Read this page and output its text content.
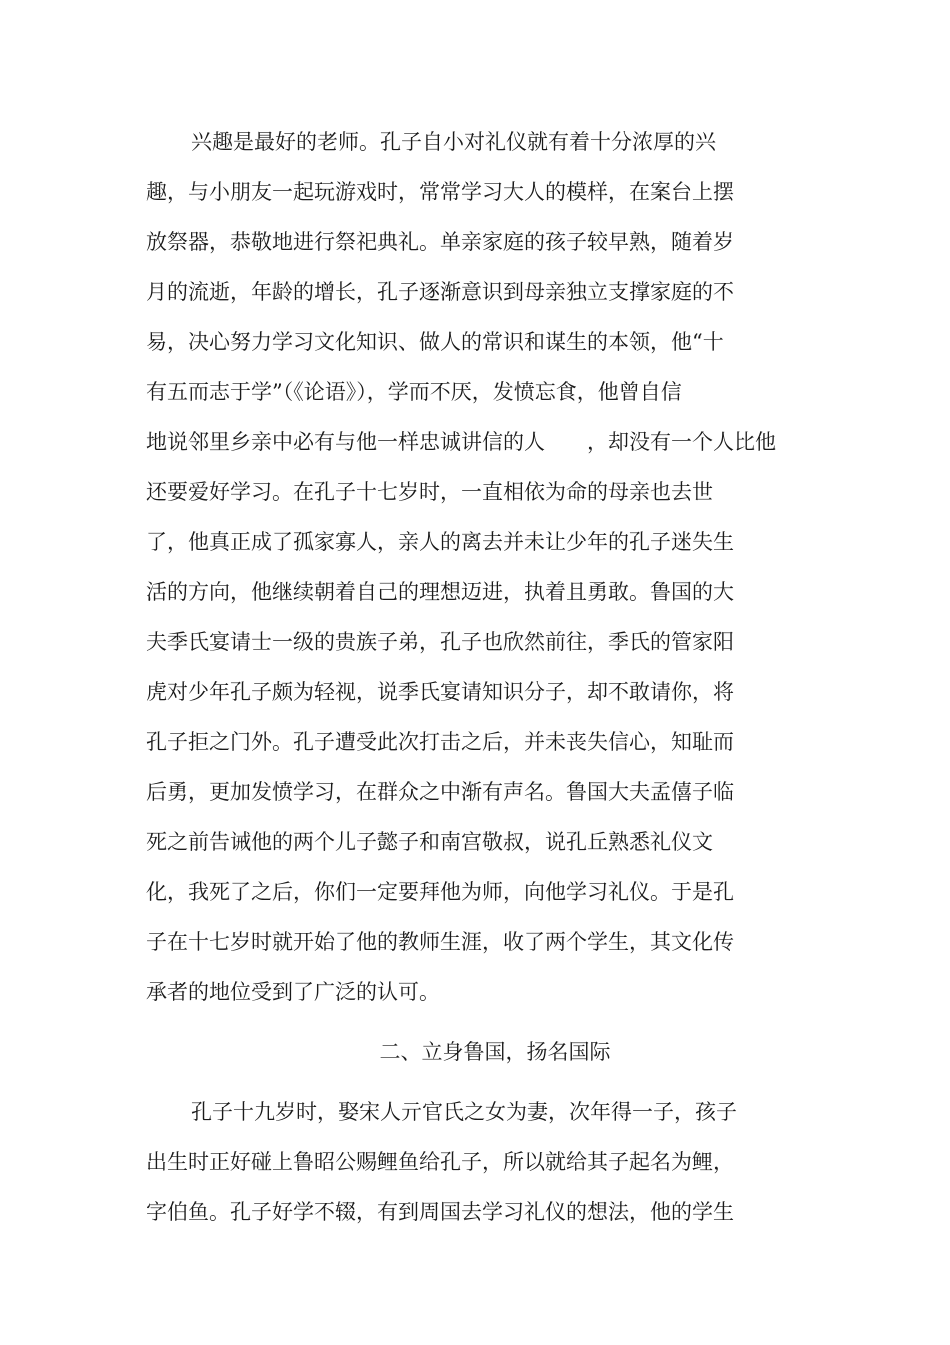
兴趣是最好的老师。孔子自小对礼仪就有着十分浓厚的兴
趣，与小朋友一起玩游戏时，常常学习大人的模样，在案台上摆
放祭器，恭敬地进行祭祀典礼。单亲家庭的孩子较早熟，随着岁
月的流逝，年龄的增长，孔子逐渐意识到母亲独立支撑家庭的不
易，决心努力学习文化知识、做人的常识和谋生的本领，他“十
有五而志于学”（《论语》），学而不厌，发愤忘食，他曾自信
地说邻里乡亲中必有与他一样忠诚讲信的人　　，却没有一个人比他
还要爱好学习。在孔子十七岁时，一直相依为命的母亲也去世
了，他真正成了孤家寡人，亲人的离去并未让少年的孔子迷失生
活的方向，他继续朝着自己的理想迈进，执着且勇敢。鲁国的大
夫季氏宴请士一级的贵族子弟，孔子也欣然前往，季氏的管家阳
虎对少年孔子颇为轻视，说季氏宴请知识分子，却不敢请你，将
孔子拒之门外。孔子遭受此次打击之后，并未丧失信心，知耻而
后勇，更加发愤学习，在群众之中渐有声名。鲁国大夫孟僖子临
死之前告诫他的两个儿子懿子和南宫敬叔，说孔丘熟悉礼仪文
化，我死了之后，你们一定要拜他为师，向他学习礼仪。于是孔
子在十七岁时就开始了他的教师生涯，收了两个学生，其文化传
承者的地位受到了广泛的认可。
二、立身鲁国，扬名国际
孔子十九岁时，娶宋人亓官氏之女为妻，次年得一子，孩子
出生时正好碰上鲁昭公赐鲤鱼给孔子，所以就给其子起名为鲤，
字伯鱼。孔子好学不辍，有到周国去学习礼仪的想法，他的学生
